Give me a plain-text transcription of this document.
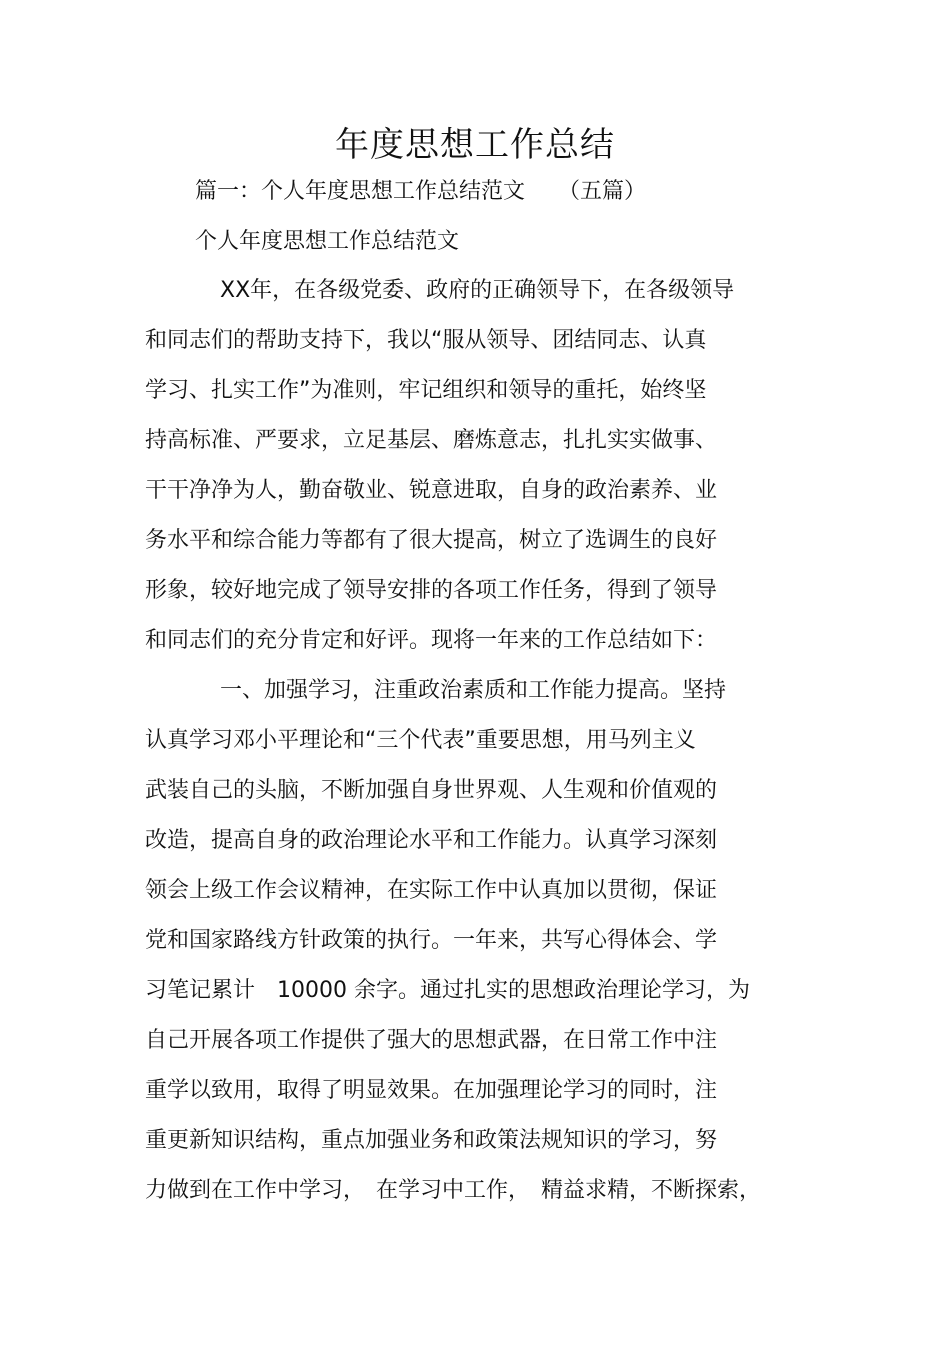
年度思想工作总结
篇一：个人年度思想工作总结范文　　（五篇）
个人年度思想工作总结范文
XX年，在各级党委、政府的正确领导下，在各级领导
和同志们的帮助支持下，我以“服从领导、团结同志、认真
学习、扎实工作”为准则，牢记组织和领导的重托，始终坚
持高标准、严要求，立足基层、磨炼意志，扎扎实实做事、
干干净净为人，勤奋敬业、锐意进取，自身的政治素养、业
务水平和综合能力等都有了很大提高，树立了选调生的良好
形象，较好地完成了领导安排的各项工作任务，得到了领导
和同志们的充分肯定和好评。现将一年来的工作总结如下：
一、加强学习，注重政治素质和工作能力提高。坚持
认真学习邓小平理论和“三个代表”重要思想，用马列主义
武装自己的头脑，不断加强自身世界观、人生观和价值观的
改造，提高自身的政治理论水平和工作能力。认真学习深刻
领会上级工作会议精神，在实际工作中认真加以贯彻，保证
党和国家路线方针政策的执行。一年来，共写心得体会、学
习笔记累计　10000 余字。通过扎实的思想政治理论学习，为
自己开展各项工作提供了强大的思想武器，在日常工作中注
重学以致用，取得了明显效果。在加强理论学习的同时，注
重更新知识结构，重点加强业务和政策法规知识的学习，努
力做到在工作中学习，　在学习中工作，　精益求精，不断探索，
